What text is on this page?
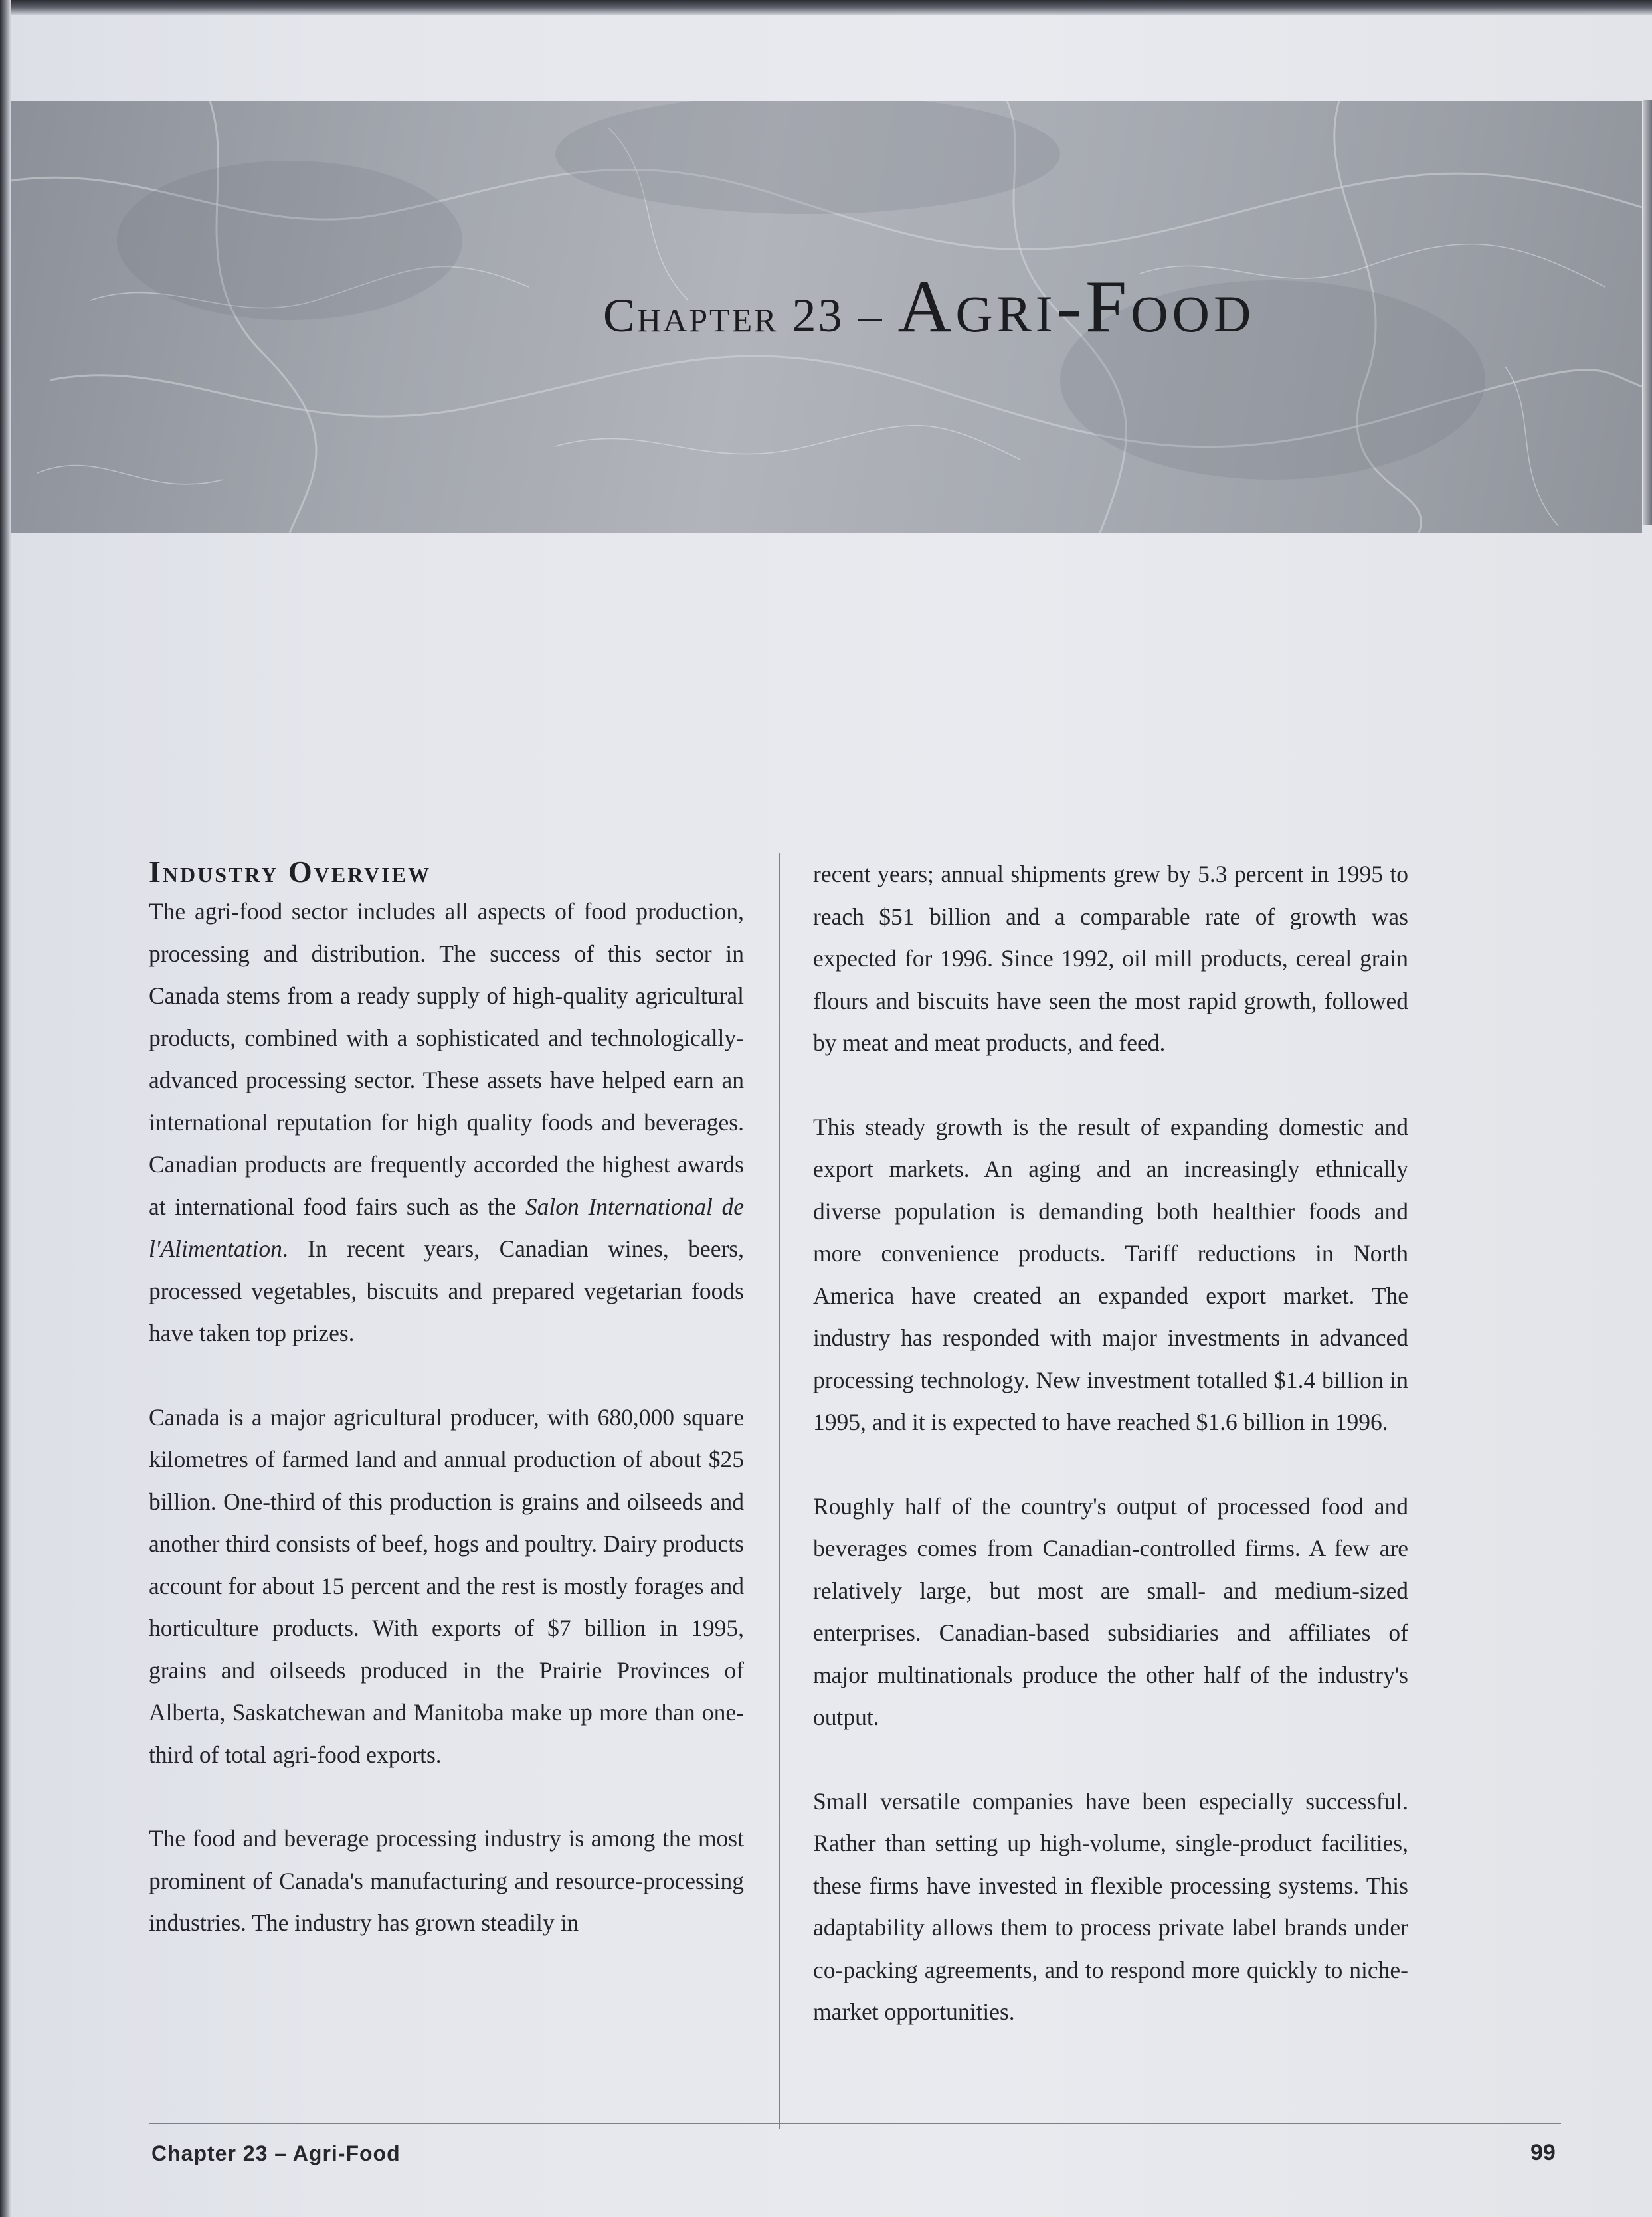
Chapter 23 – Agri-Food
Industry Overview

The agri-food sector includes all aspects of food production, processing and distribution. The success of this sector in Canada stems from a ready supply of high-quality agricultural products, combined with a sophisticated and technologically-advanced processing sector. These assets have helped earn an international reputation for high quality foods and beverages. Canadian products are frequently accorded the highest awards at international food fairs such as the Salon International de l'Alimentation. In recent years, Canadian wines, beers, processed vegetables, biscuits and prepared vegetarian foods have taken top prizes.

Canada is a major agricultural producer, with 680,000 square kilometres of farmed land and annual production of about $25 billion. One-third of this production is grains and oilseeds and another third consists of beef, hogs and poultry. Dairy products account for about 15 percent and the rest is mostly forages and horticulture products. With exports of $7 billion in 1995, grains and oilseeds produced in the Prairie Provinces of Alberta, Saskatchewan and Manitoba make up more than one-third of total agri-food exports.

The food and beverage processing industry is among the most prominent of Canada's manufacturing and resource-processing industries. The industry has grown steadily in

recent years; annual shipments grew by 5.3 percent in 1995 to reach $51 billion and a comparable rate of growth was expected for 1996. Since 1992, oil mill products, cereal grain flours and biscuits have seen the most rapid growth, followed by meat and meat products, and feed.

This steady growth is the result of expanding domestic and export markets. An aging and an increasingly ethnically diverse population is demanding both healthier foods and more convenience products. Tariff reductions in North America have created an expanded export market. The industry has responded with major investments in advanced processing technology. New investment totalled $1.4 billion in 1995, and it is expected to have reached $1.6 billion in 1996.

Roughly half of the country's output of processed food and beverages comes from Canadian-controlled firms. A few are relatively large, but most are small- and medium-sized enterprises. Canadian-based subsidiaries and affiliates of major multinationals produce the other half of the industry's output.

Small versatile companies have been especially successful. Rather than setting up high-volume, single-product facilities, these firms have invested in flexible processing systems. This adaptability allows them to process private label brands under co-packing agreements, and to respond more quickly to niche-market opportunities.

Chapter 23 – Agri-Food	99
